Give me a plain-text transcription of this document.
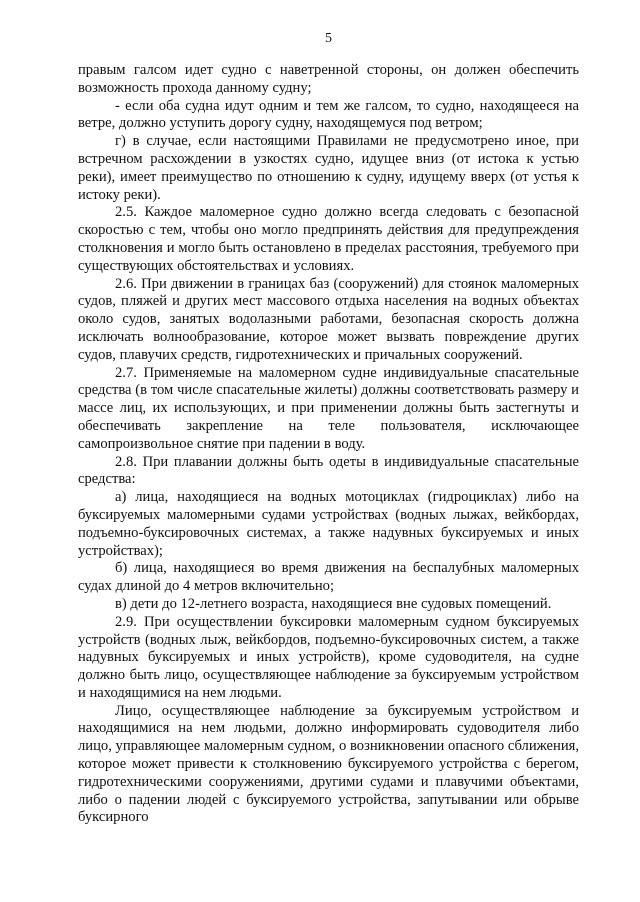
5

правым галсом идет судно с наветренной стороны, он должен обеспечить возможность прохода данному судну;

- если оба судна идут одним и тем же галсом, то судно, находящееся на ветре, должно уступить дорогу судну, находящемуся под ветром;

г) в случае, если настоящими Правилами не предусмотрено иное, при встречном расхождении в узкостях судно, идущее вниз (от истока к устью реки), имеет преимущество по отношению к судну, идущему вверх (от устья к истоку реки).

2.5. Каждое маломерное судно должно всегда следовать с безопасной скоростью с тем, чтобы оно могло предпринять действия для предупреждения столкновения и могло быть остановлено в пределах расстояния, требуемого при существующих обстоятельствах и условиях.

2.6. При движении в границах баз (сооружений) для стоянок маломерных судов, пляжей и других мест массового отдыха населения на водных объектах около судов, занятых водолазными работами, безопасная скорость должна исключать волнообразование, которое может вызвать повреждение других судов, плавучих средств, гидротехнических и причальных сооружений.

2.7. Применяемые на маломерном судне индивидуальные спасательные средства (в том числе спасательные жилеты) должны соответствовать размеру и массе лиц, их использующих, и при применении должны быть застегнуты и обеспечивать закрепление на теле пользователя, исключающее самопроизвольное снятие при падении в воду.

2.8. При плавании должны быть одеты в индивидуальные спасательные средства:

а) лица, находящиеся на водных мотоциклах (гидроциклах) либо на буксируемых маломерными судами устройствах (водных лыжах, вейкбордах, подъемно-буксировочных системах, а также надувных буксируемых и иных устройствах);

б) лица, находящиеся во время движения на беспалубных маломерных судах длиной до 4 метров включительно;

в) дети до 12-летнего возраста, находящиеся вне судовых помещений.

2.9. При осуществлении буксировки маломерным судном буксируемых устройств (водных лыж, вейкбордов, подъемно-буксировочных систем, а также надувных буксируемых и иных устройств), кроме судоводителя, на судне должно быть лицо, осуществляющее наблюдение за буксируемым устройством и находящимися на нем людьми.

Лицо, осуществляющее наблюдение за буксируемым устройством и находящимися на нем людьми, должно информировать судоводителя либо лицо, управляющее маломерным судном, о возникновении опасного сближения, которое может привести к столкновению буксируемого устройства с берегом, гидротехническими сооружениями, другими судами и плавучими объектами, либо о падении людей с буксируемого устройства, запутывании или обрыве буксирного
